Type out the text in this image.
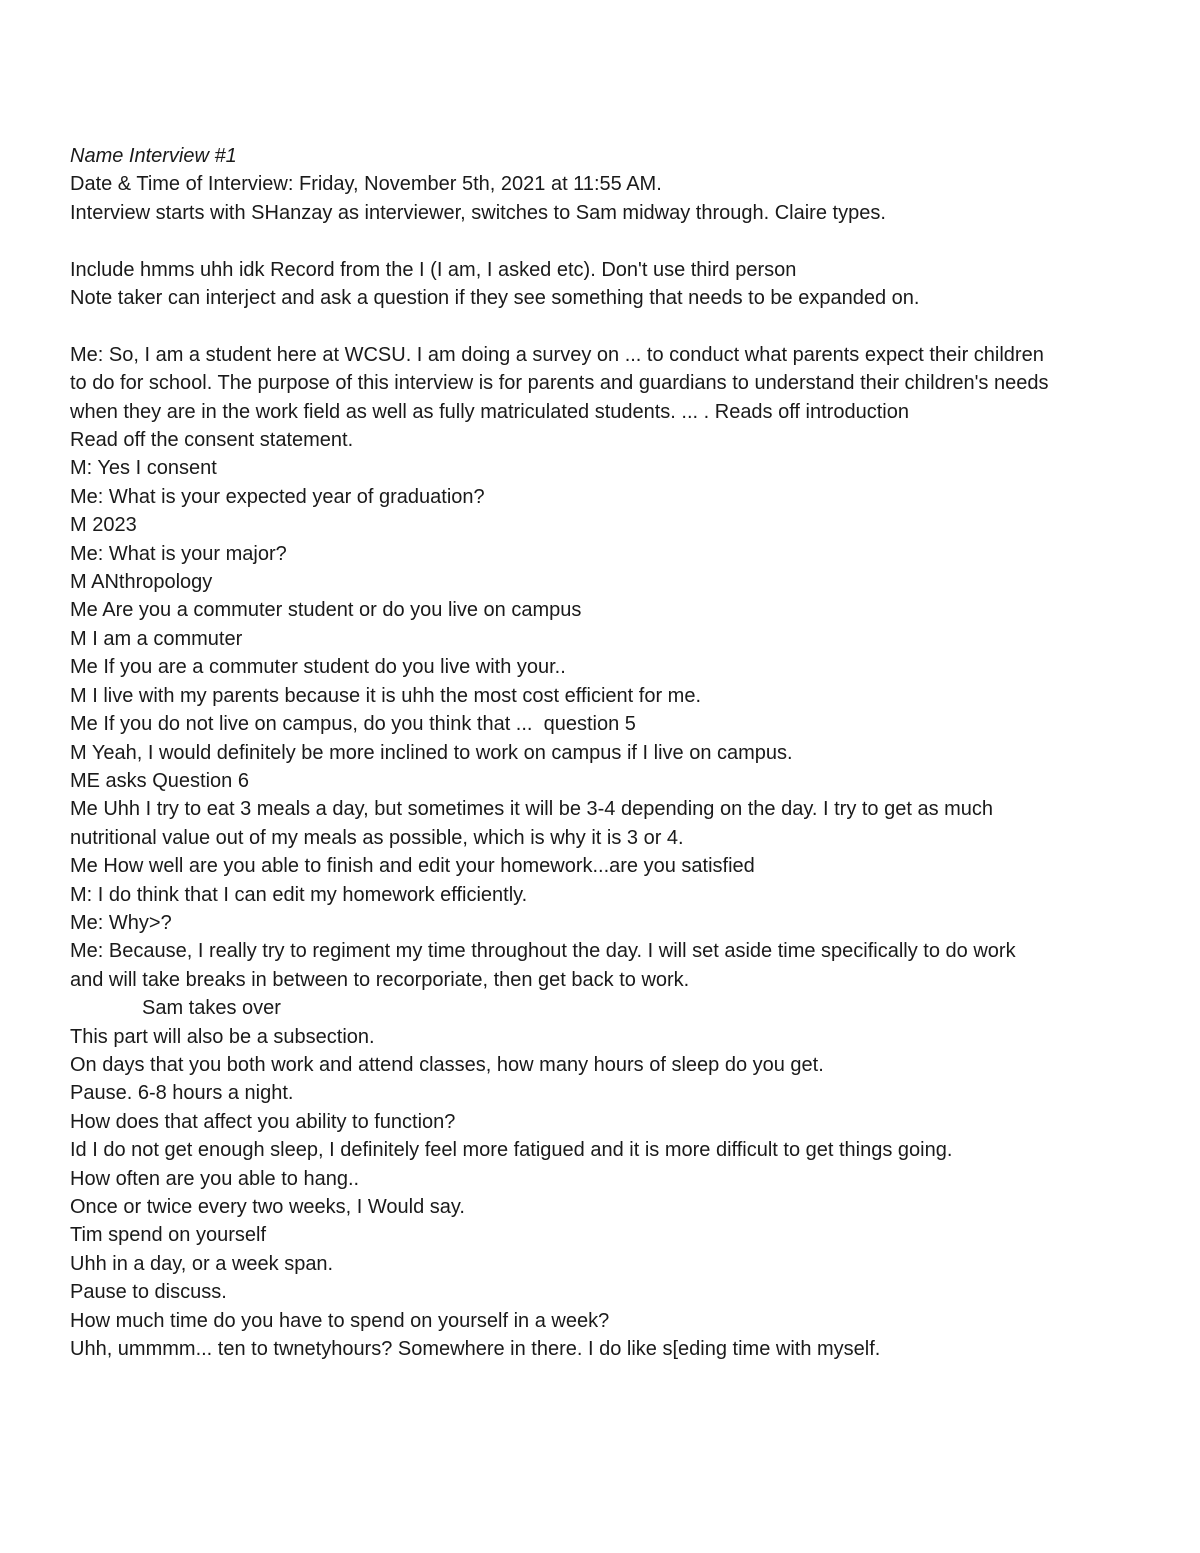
Name Interview #1
Date & Time of Interview: Friday, November 5th, 2021 at 11:55 AM.
Interview starts with SHanzay as interviewer, switches to Sam midway through. Claire types.
Include hmms uhh idk Record from the I (I am, I asked etc). Don't use third person
Note taker can interject and ask a question if they see something that needs to be expanded on.
Me: So, I am a student here at WCSU. I am doing a survey on ... to conduct what parents expect their children
to do for school. The purpose of this interview is for parents and guardians to understand their children's needs
when they are in the work field as well as fully matriculated students. ... . Reads off introduction
Read off the consent statement.
M: Yes I consent
Me: What is your expected year of graduation?
M 2023
Me: What is your major?
M ANthropology
Me Are you a commuter student or do you live on campus
M I am a commuter
Me If you are a commuter student do you live with your..
M I live with my parents because it is uhh the most cost efficient for me.
Me If you do not live on campus, do you think that ...  question 5
M Yeah, I would definitely be more inclined to work on campus if I live on campus.
ME asks Question 6
Me Uhh I try to eat 3 meals a day, but sometimes it will be 3-4 depending on the day. I try to get as much
nutritional value out of my meals as possible, which is why it is 3 or 4.
Me How well are you able to finish and edit your homework...are you satisfied
M: I do think that I can edit my homework efficiently.
Me: Why>?
Me: Because, I really try to regiment my time throughout the day. I will set aside time specifically to do work
and will take breaks in between to recorporiate, then get back to work.
Sam takes over
This part will also be a subsection.
On days that you both work and attend classes, how many hours of sleep do you get.
Pause. 6-8 hours a night.
How does that affect you ability to function?
Id I do not get enough sleep, I definitely feel more fatigued and it is more difficult to get things going.
How often are you able to hang..
Once or twice every two weeks, I Would say.
Tim spend on yourself
Uhh in a day, or a week span.
Pause to discuss.
How much time do you have to spend on yourself in a week?
Uhh, ummmm... ten to twnetyhours? Somewhere in there. I do like s[eding time with myself.
